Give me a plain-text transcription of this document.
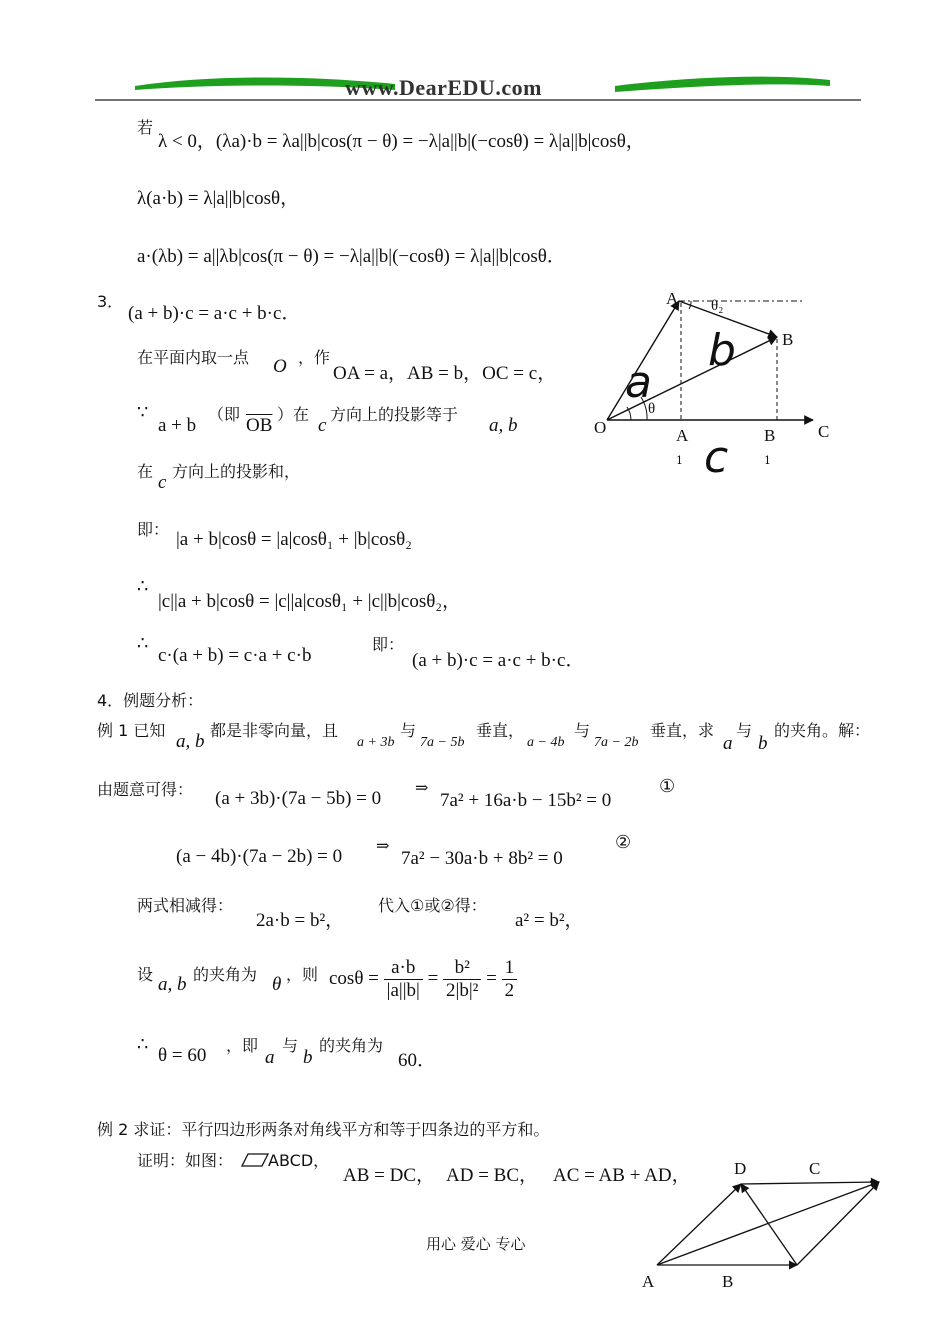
www.DearEDU.com
若
λ < 0，(λa)·b = λa||b|cos(π − θ) = −λ|a||b|(−cosθ) = λ|a||b|cosθ，
λ(a·b) = λ|a||b|cosθ，
a·(λb) = a||λb|cos(π − θ) = −λ|a||b|(−cosθ) = λ|a||b|cosθ．
3．
(a + b)·c = a·c + b·c．
在平面内取一点 O ，作
OA = a，AB = b，OC = c，
∵
a + b
（即
$\overline{OB}$
）在
c
方向上的投影等于
a, b
在
c
方向上的投影和，
即： |a + b|cosθ = |a|cosθ₁ + |b|cosθ₂
∴
|c||a + b|cosθ = |c||a|cosθ₁ + |c||b|cosθ₂，
∴
c·(a + b) = c·a + c·b
即：
(a + b)·c = a·c + b·c．
A θ₂
B
O
θ
A	B	C
1	1
a
b
c
4．例题分析：
例 1 已知
a, b
都是非零向量，且
a + 3b
与
7a − 5b
垂直，
a − 4b
与
7a − 2b
垂直，求
a
与
b
的夹角。解：
由题意可得： (a + 3b)·(7a − 5b) = 0 ⇒
7a² + 16a·b − 15b² = 0
①
(a − 4b)·(7a − 2b) = 0 ⇒
7a² − 30a·b + 8b² = 0
②
两式相减得：
2a·b = b²，
代入①或②得：
a² = b²，
设 a, b 的夹角为 θ ，则 $\cos\theta = \frac{a\cdot b}{|a||b|} = \frac{\text{b²}}{\text{2|b|²}} = \frac{1}{2}$
∴
θ = 60 ，即
a
与
b
的夹角为
60．
例 2 求证：平行四边形两条对角线平方和等于四条边的平方和。
证明：如图： ABCD，
AB = DC， AD = BC， AC = AB + AD，	D	C
A	B
用心 爱心 专心
